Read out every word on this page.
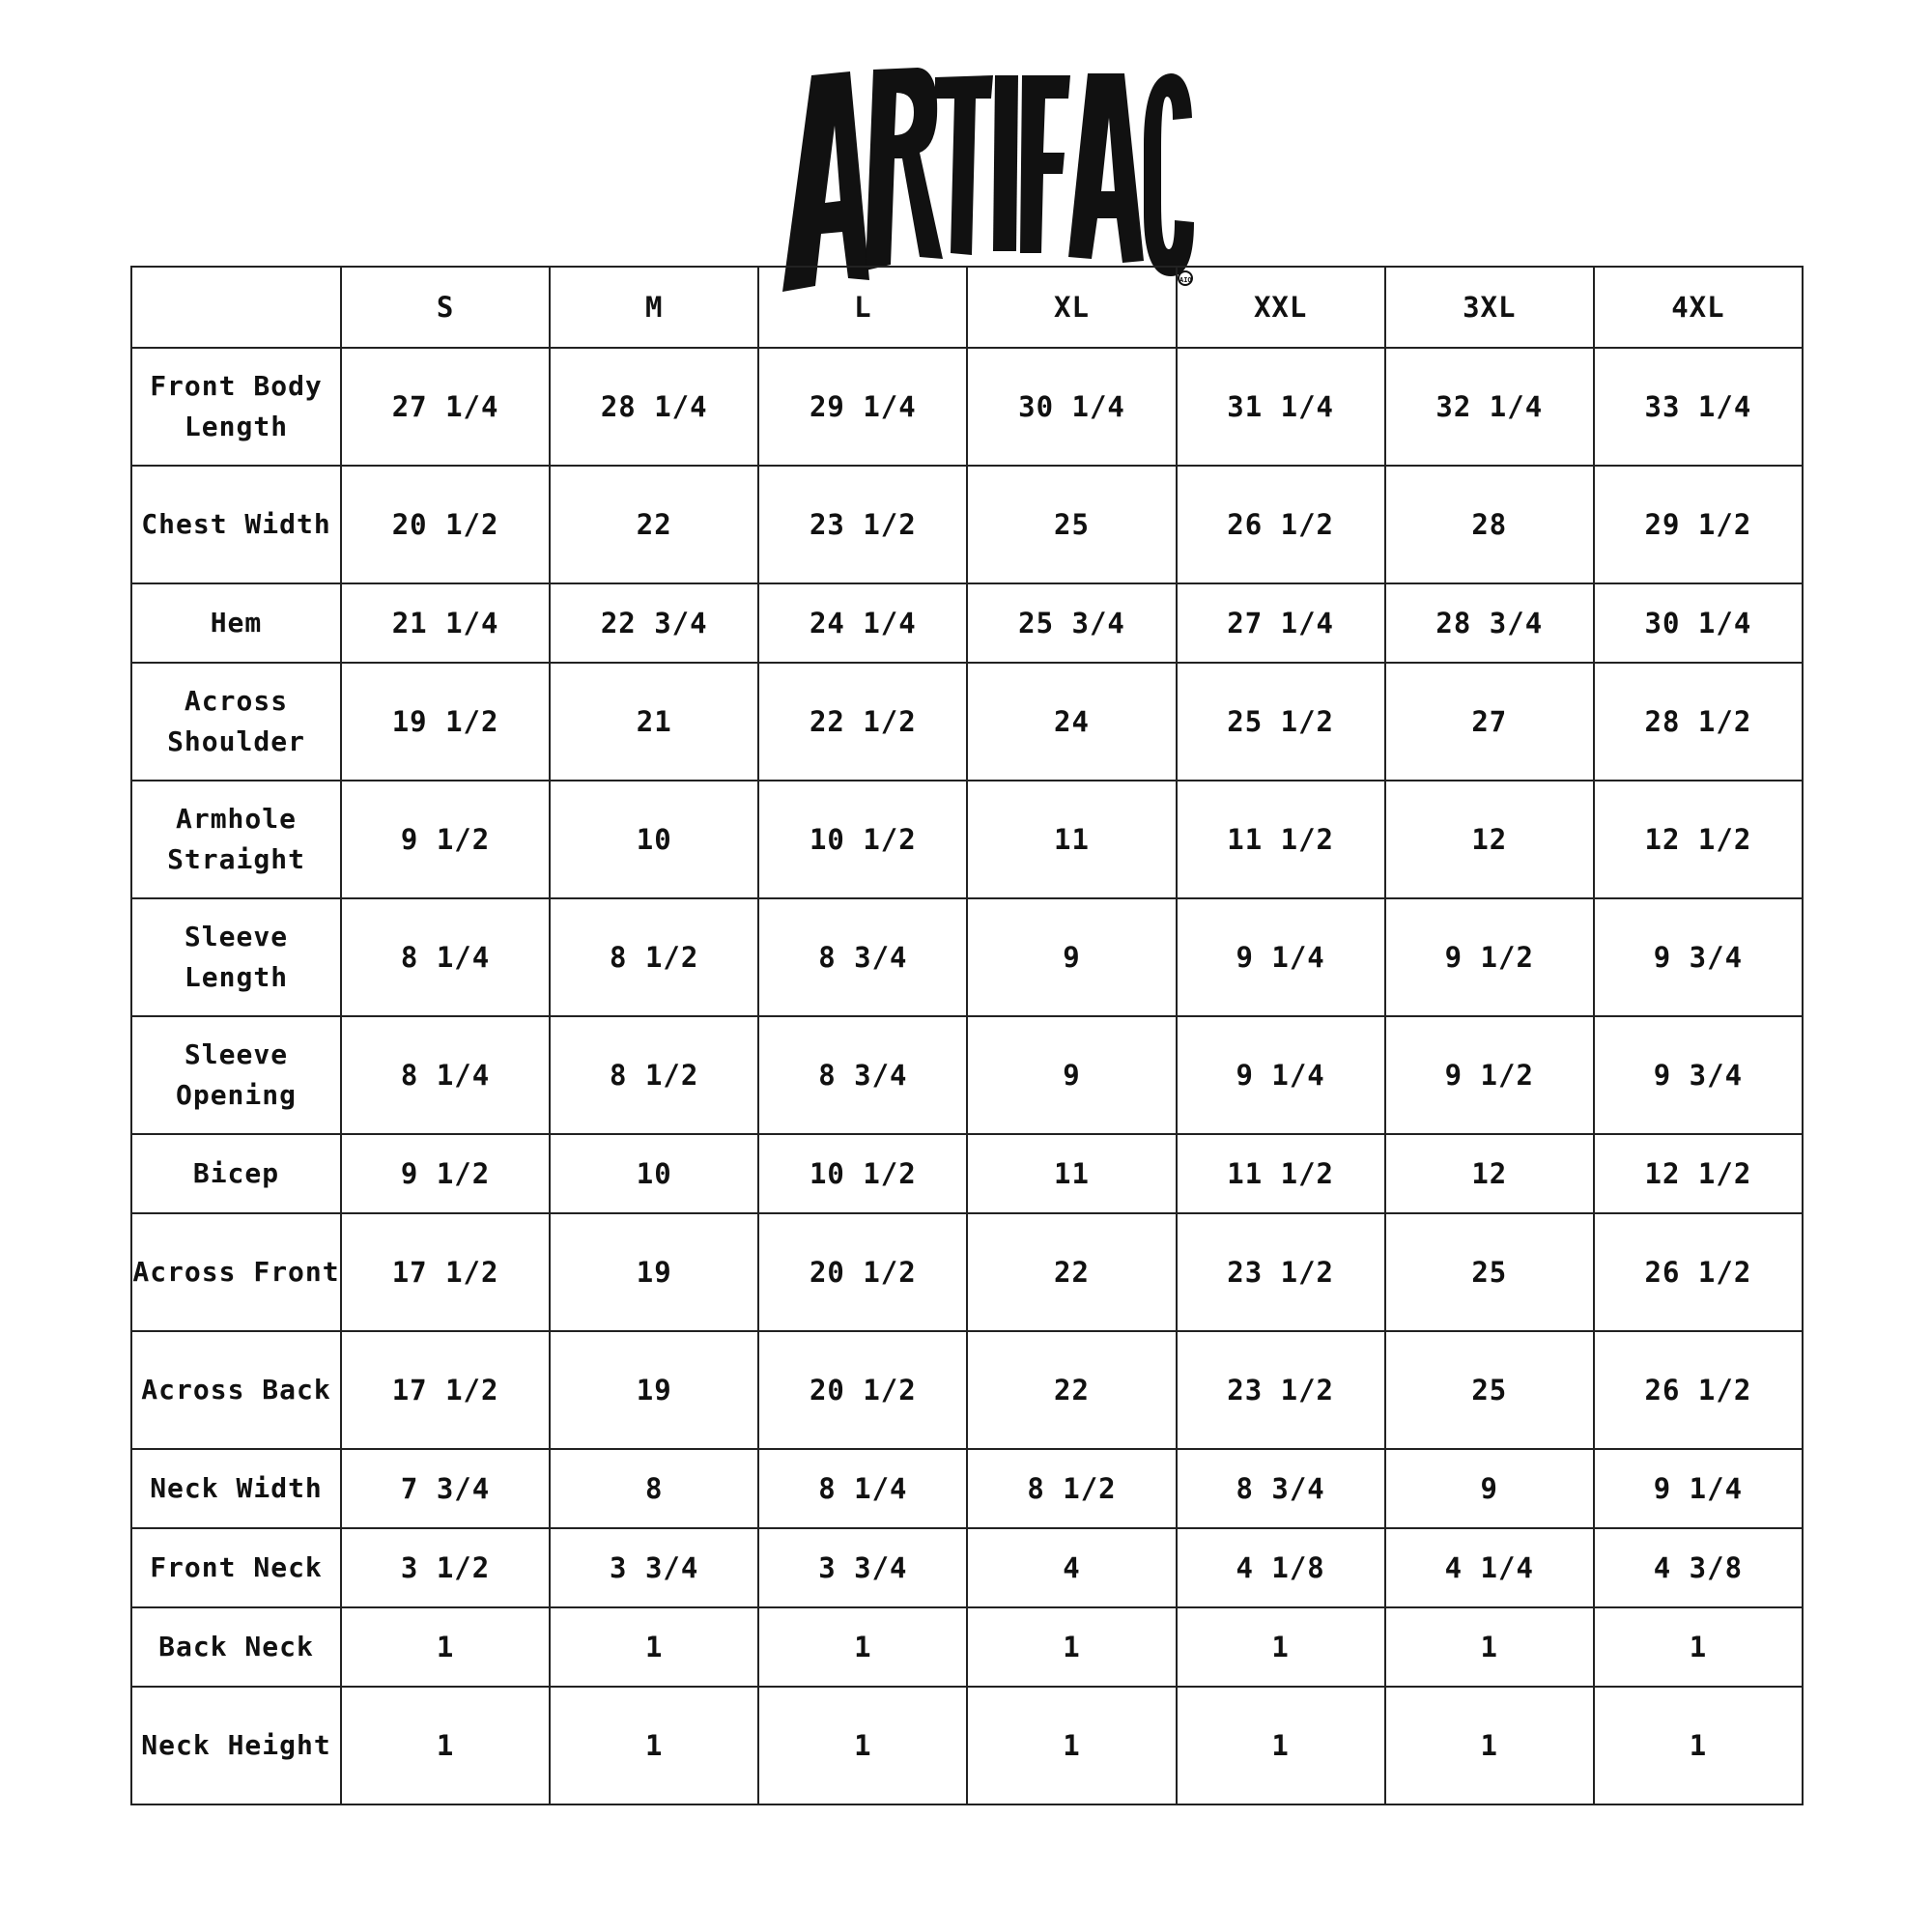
AIO
	S	M	L	XL	XXL	3XL	4XL
Front Body Length	27 1/4	28 1/4	29 1/4	30 1/4	31 1/4	32 1/4	33 1/4
Chest Width	20 1/2	22	23 1/2	25	26 1/2	28	29 1/2
Hem	21 1/4	22 3/4	24 1/4	25 3/4	27 1/4	28 3/4	30 1/4
Across Shoulder	19 1/2	21	22 1/2	24	25 1/2	27	28 1/2
Armhole Straight	9 1/2	10	10 1/2	11	11 1/2	12	12 1/2
Sleeve Length	8 1/4	8 1/2	8 3/4	9	9 1/4	9 1/2	9 3/4
Sleeve Opening	8 1/4	8 1/2	8 3/4	9	9 1/4	9 1/2	9 3/4
Bicep	9 1/2	10	10 1/2	11	11 1/2	12	12 1/2
Across Front	17 1/2	19	20 1/2	22	23 1/2	25	26 1/2
Across Back	17 1/2	19	20 1/2	22	23 1/2	25	26 1/2
Neck Width	7 3/4	8	8 1/4	8 1/2	8 3/4	9	9 1/4
Front Neck	3 1/2	3 3/4	3 3/4	4	4 1/8	4 1/4	4 3/8
Back Neck	1	1	1	1	1	1	1
Neck Height	1	1	1	1	1	1	1
